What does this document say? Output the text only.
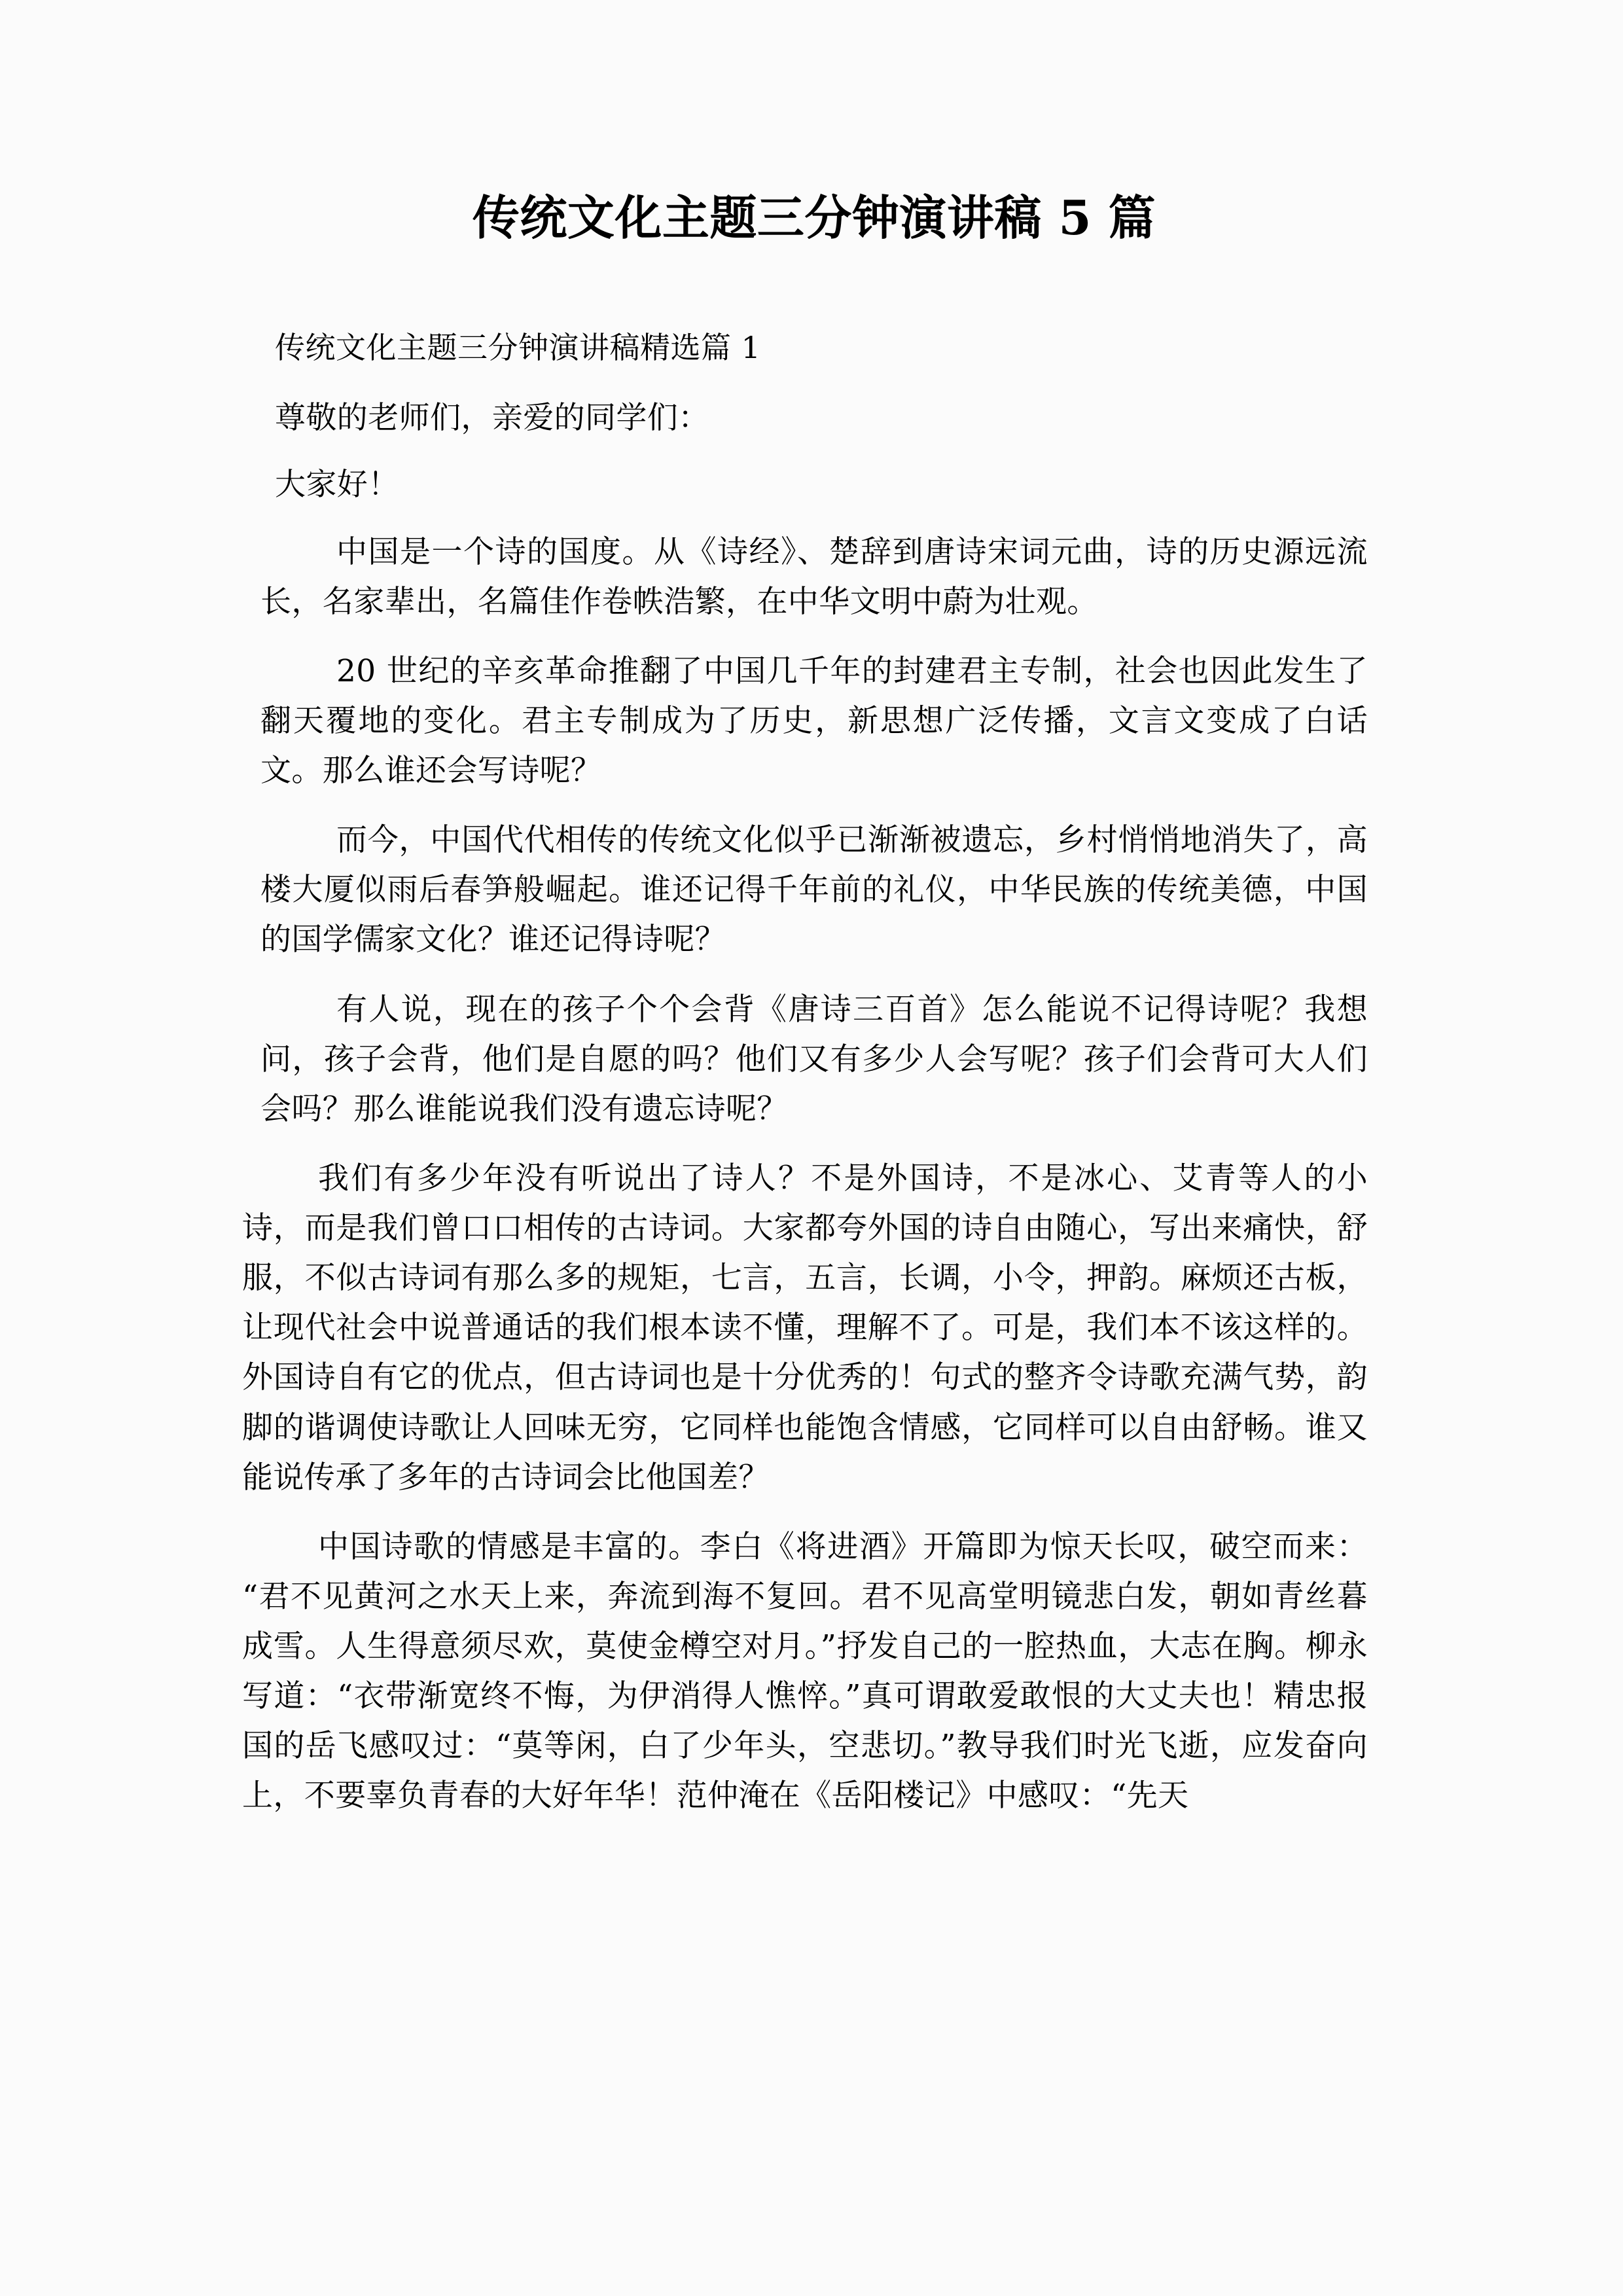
传统文化主题三分钟演讲稿 5 篇

传统文化主题三分钟演讲稿精选篇 1

尊敬的老师们，亲爱的同学们：

大家好！

中国是一个诗的国度。从《诗经》、楚辞到唐诗宋词元曲，诗的历史源远流长，名家辈出，名篇佳作卷帙浩繁，在中华文明中蔚为壮观。

20 世纪的辛亥革命推翻了中国几千年的封建君主专制，社会也因此发生了翻天覆地的变化。君主专制成为了历史，新思想广泛传播，文言文变成了白话文。那么谁还会写诗呢？

而今，中国代代相传的传统文化似乎已渐渐被遗忘，乡村悄悄地消失了，高楼大厦似雨后春笋般崛起。谁还记得千年前的礼仪，中华民族的传统美德，中国的国学儒家文化？谁还记得诗呢？

有人说，现在的孩子个个会背《唐诗三百首》怎么能说不记得诗呢？我想问，孩子会背，他们是自愿的吗？他们又有多少人会写呢？孩子们会背可大人们会吗？那么谁能说我们没有遗忘诗呢？

我们有多少年没有听说出了诗人？不是外国诗，不是冰心、艾青等人的小诗，而是我们曾口口相传的古诗词。大家都夸外国的诗自由随心，写出来痛快，舒服，不似古诗词有那么多的规矩，七言，五言，长调，小令，押韵。麻烦还古板，让现代社会中说普通话的我们根本读不懂，理解不了。可是，我们本不该这样的。外国诗自有它的优点，但古诗词也是十分优秀的！句式的整齐令诗歌充满气势，韵脚的谐调使诗歌让人回味无穷，它同样也能饱含情感，它同样可以自由舒畅。谁又能说传承了多年的古诗词会比他国差？

中国诗歌的情感是丰富的。李白《将进酒》开篇即为惊天长叹，破空而来：“君不见黄河之水天上来，奔流到海不复回。君不见高堂明镜悲白发，朝如青丝暮成雪。人生得意须尽欢，莫使金樽空对月。”抒发自己的一腔热血，大志在胸。柳永写道：“衣带渐宽终不悔，为伊消得人憔悴。”真可谓敢爱敢恨的大丈夫也！精忠报国的岳飞感叹过：“莫等闲，白了少年头，空悲切。”教导我们时光飞逝，应发奋向上，不要辜负青春的大好年华！范仲淹在《岳阳楼记》中感叹：“先天
